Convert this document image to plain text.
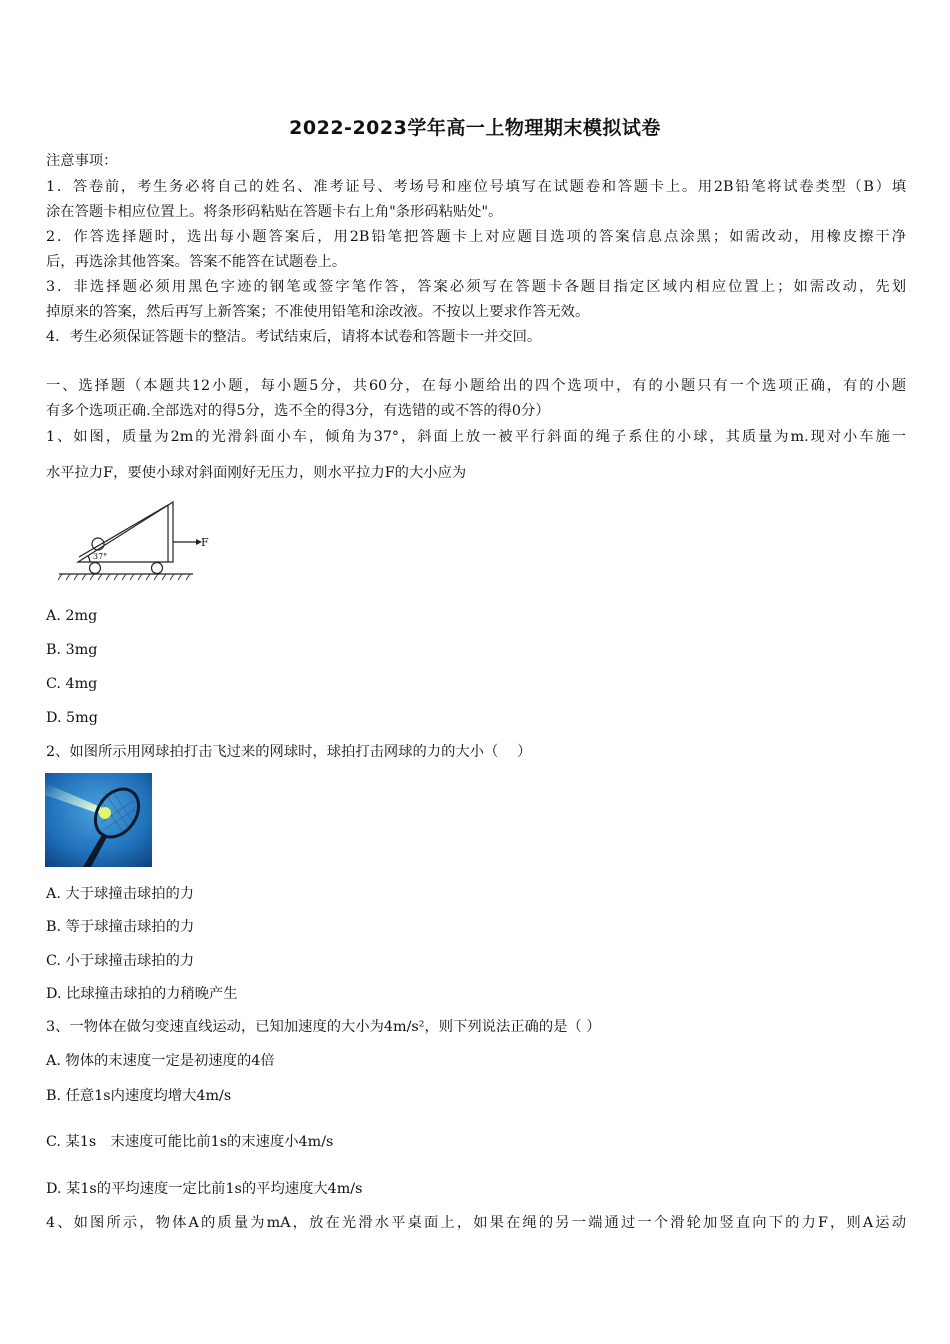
2022-2023学年高一上物理期末模拟试卷
注意事项：
1．答卷前，考生务必将自己的姓名、准考证号、考场号和座位号填写在试题卷和答题卡上。用2B铅笔将试卷类型（B）填
涂在答题卡相应位置上。将条形码粘贴在答题卡右上角"条形码粘贴处"。
2．作答选择题时，选出每小题答案后，用2B铅笔把答题卡上对应题目选项的答案信息点涂黑；如需改动，用橡皮擦干净
后，再选涂其他答案。答案不能答在试题卷上。
3．非选择题必须用黑色字迹的钢笔或签字笔作答，答案必须写在答题卡各题目指定区域内相应位置上；如需改动，先划
掉原来的答案，然后再写上新答案；不准使用铅笔和涂改液。不按以上要求作答无效。
4．考生必须保证答题卡的整洁。考试结束后，请将本试卷和答题卡一并交回。
一、选择题（本题共12小题，每小题5分，共60分，在每小题给出的四个选项中，有的小题只有一个选项正确，有的小题
有多个选项正确.全部选对的得5分，选不全的得3分，有选错的或不答的得0分）
1、如图，质量为2m的光滑斜面小车，倾角为37°，斜面上放一被平行斜面的绳子系住的小球，其质量为m.现对小车施一
水平拉力F，要使小球对斜面刚好无压力，则水平拉力F的大小应为
37°
F
A. 2mg
B. 3mg
C. 4mg
D. 5mg
2、如图所示用网球拍打击飞过来的网球时，球拍打击网球的力的大小（　 ）
A. 大于球撞击球拍的力
B. 等于球撞击球拍的力
C. 小于球撞击球拍的力
D. 比球撞击球拍的力稍晚产生
3、一物体在做匀变速直线运动，已知加速度的大小为4m/s²，则下列说法正确的是（ ）
A. 物体的末速度一定是初速度的4倍
B. 任意1s内速度均增大4m/s
C. 某1s　末速度可能比前1s的末速度小4m/s
D. 某1s的平均速度一定比前1s的平均速度大4m/s
4、如图所示，物体A的质量为mA，放在光滑水平桌面上，如果在绳的另一端通过一个滑轮加竖直向下的力F，则A运动
